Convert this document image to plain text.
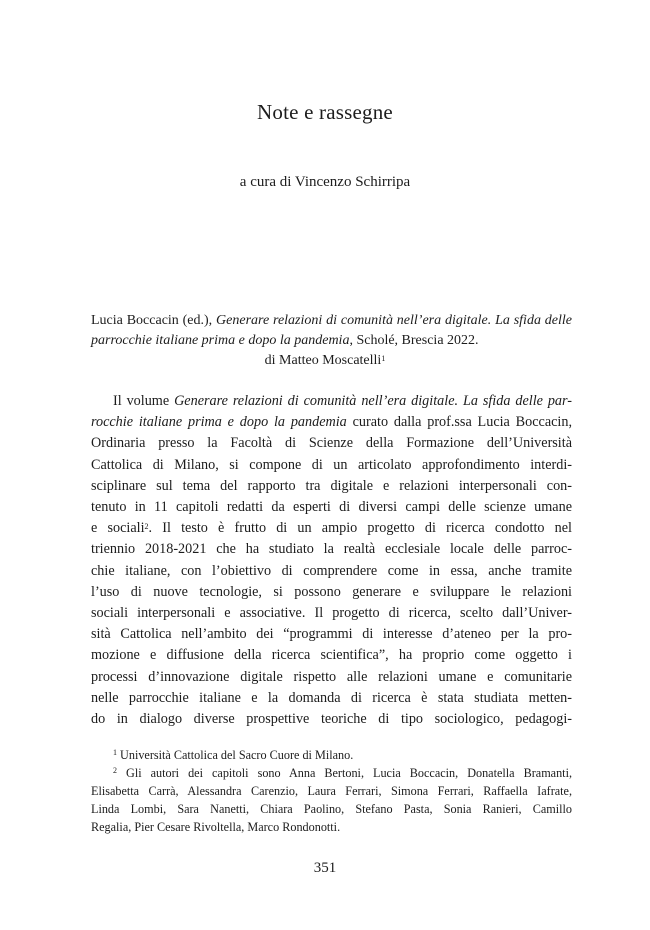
Note e rassegne
a cura di Vincenzo Schirripa
Lucia Boccacin (ed.), Generare relazioni di comunità nell’era digitale. La sfida delle
parrocchie italiane prima e dopo la pandemia, Scholé, Brescia 2022.
di Matteo Moscatelli$^1$
Il volume Generare relazioni di comunità nell’era digitale. La sfida delle par-
rocchie italiane prima e dopo la pandemia curato dalla prof.ssa Lucia Boccacin,
Ordinaria presso la Facoltà di Scienze della Formazione dell’Università
Cattolica di Milano, si compone di un articolato approfondimento interdi-
sciplinare sul tema del rapporto tra digitale e relazioni interpersonali con-
tenuto in 11 capitoli redatti da esperti di diversi campi delle scienze umane
e sociali$^2$. Il testo è frutto di un ampio progetto di ricerca condotto nel
triennio 2018-2021 che ha studiato la realtà ecclesiale locale delle parroc-
chie italiane, con l’obiettivo di comprendere come in essa, anche tramite
l’uso di nuove tecnologie, si possono generare e sviluppare le relazioni
sociali interpersonali e associative. Il progetto di ricerca, scelto dall’Univer-
sità Cattolica nell’ambito dei “programmi di interesse d’ateneo per la pro-
mozione e diffusione della ricerca scientifica”, ha proprio come oggetto i
processi d’innovazione digitale rispetto alle relazioni umane e comunitarie
nelle parrocchie italiane e la domanda di ricerca è stata studiata metten-
do in dialogo diverse prospettive teoriche di tipo sociologico, pedagogi-
$^1$ Università Cattolica del Sacro Cuore di Milano.
$^2$ Gli autori dei capitoli sono Anna Bertoni, Lucia Boccacin, Donatella Bramanti,
Elisabetta Carrà, Alessandra Carenzio, Laura Ferrari, Simona Ferrari, Raffaella Iafrate,
Linda Lombi, Sara Nanetti, Chiara Paolino, Stefano Pasta, Sonia Ranieri, Camillo
Regalia, Pier Cesare Rivoltella, Marco Rondonotti.
351
